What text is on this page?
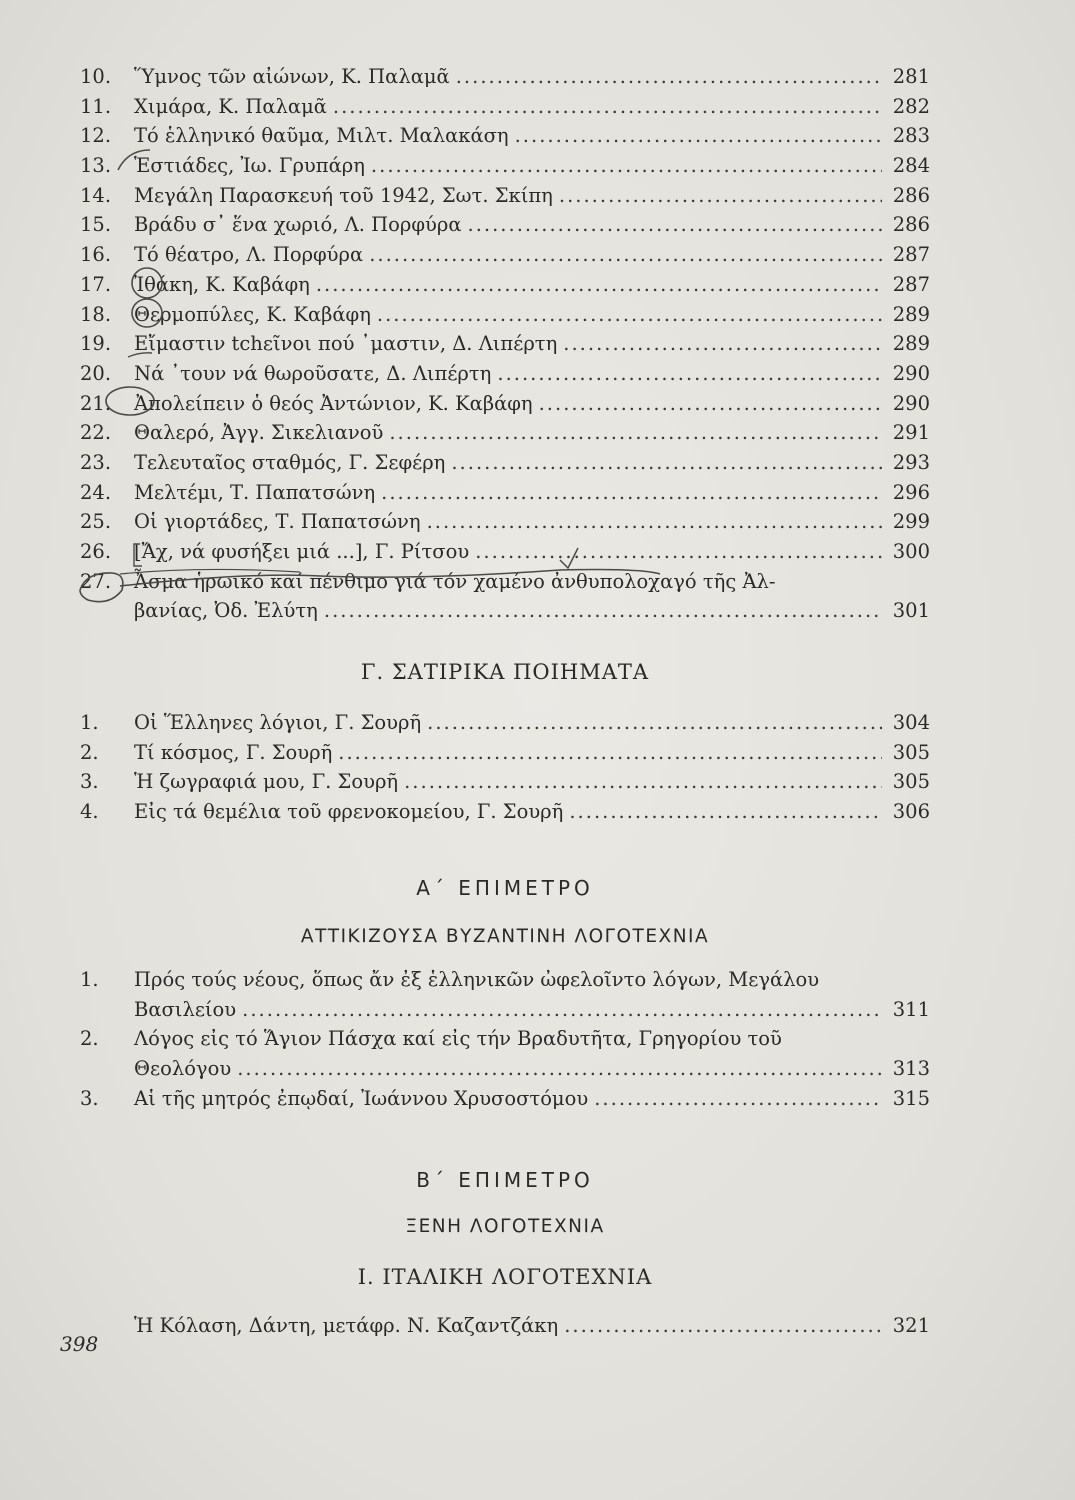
10.	Ὕμνος τῶν αἰώνων, Κ. Παλαμᾶ .....	281
11.	Χιμάρα, Κ. Παλαμᾶ .....	282
12.	Τό ἑλληνικό θαῦμα, Μιλτ. Μαλακάση .....	283
13.	Ἑστιάδες, Ἰω. Γρυπάρη .....	284
14.	Μεγάλη Παρασκευή τοῦ 1942, Σωτ. Σκίπη .....	286
15.	Βράδυ σ᾽ ἕνα χωριό, Λ. Πορφύρα .....	286
16.	Τό θέατρο, Λ. Πορφύρα .....	287
17.	Ἰθάκη, Κ. Καβάφη .....	287
18.	Θερμοπύλες, Κ. Καβάφη .....	289
19.	Εἴμαστιν tchεῖνοι πού ᾽μαστιν, Δ. Λιπέρτη .....	289
20.	Νά ᾽τουν νά θωροῦσατε, Δ. Λιπέρτη .....	290
21.	Ἀπολείπειν ὁ θεός Ἀντώνιον, Κ. Καβάφη .....	290
22.	Θαλερό, Ἀγγ. Σικελιανοῦ .....	291
23.	Τελευταῖος σταθμός, Γ. Σεφέρη .....	293
24.	Μελτέμι, Τ. Παπατσώνη .....	296
25.	Οἱ γιορτάδες, Τ. Παπατσώνη .....	299
26.	[Ἄχ, νά φυσήξει μιά ...], Γ. Ρίτσου .....	300
27.	Ἆσμα ἡρωικό καί πένθιμο γιά τόν χαμένο ἀνθυπολοχαγό τῆς Ἀλ-
βανίας, Ὀδ. Ἐλύτη .....	301
Γ. ΣΑΤΙΡΙΚΑ ΠΟΙΗΜΑΤΑ
1.	Οἱ Ἕλληνες λόγιοι, Γ. Σουρῆ .....	304
2.	Τί κόσμος, Γ. Σουρῆ .....	305
3.	Ἡ ζωγραφιά μου, Γ. Σουρῆ .....	305
4.	Εἰς τά θεμέλια τοῦ φρενοκομείου, Γ. Σουρῆ .....	306
Α΄ ΕΠΙΜΕΤΡΟ
ΑΤΤΙΚΙΖΟΥΣΑ ΒΥΖΑΝΤΙΝΗ ΛΟΓΟΤΕΧΝΙΑ
1.	Πρός τούς νέους, ὅπως ἄν ἐξ ἑλληνικῶν ὠφελοῖντο λόγων, Μεγάλου
Βασιλείου .....	311
2.	Λόγος εἰς τό Ἅγιον Πάσχα καί εἰς τήν Βραδυτῆτα, Γρηγορίου τοῦ
Θεολόγου .....	313
3.	Αἱ τῆς μητρός ἐπῳδαί, Ἰωάννου Χρυσοστόμου .....	315
Β΄ ΕΠΙΜΕΤΡΟ
ΞΕΝΗ ΛΟΓΟΤΕΧΝΙΑ
Ι. ΙΤΑΛΙΚΗ ΛΟΓΟΤΕΧΝΙΑ
Ἡ Κόλαση, Δάντη, μετάφρ. Ν. Καζαντζάκη .....	321
398
